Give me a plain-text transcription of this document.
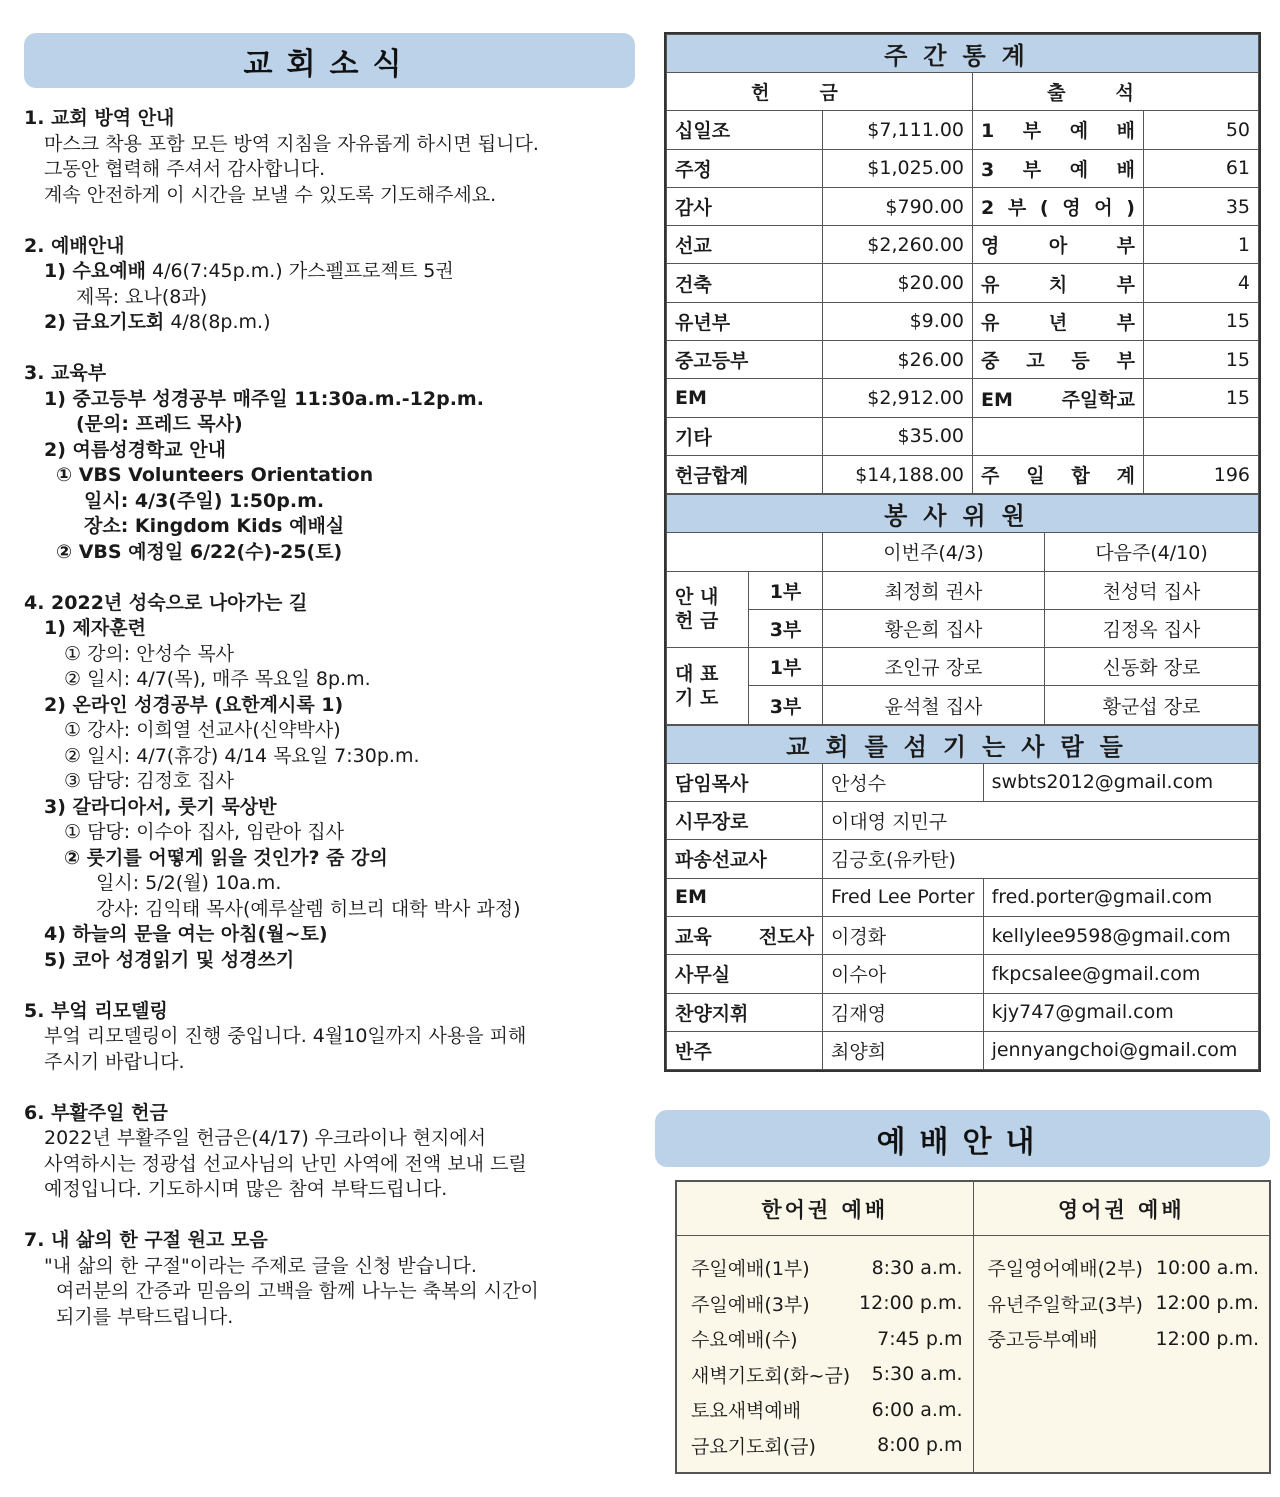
교회소식
1. 교회 방역 안내
마스크 착용 포함 모든 방역 지침을 자유롭게 하시면 됩니다.
그동안 협력해 주셔서 감사합니다.
계속 안전하게 이 시간을 보낼 수 있도록 기도해주세요.
2. 예배안내
1) 수요예배 4/6(7:45p.m.) 가스펠프로젝트 5권
제목: 요나(8과)
2) 금요기도회 4/8(8p.m.)
3. 교육부
1) 중고등부 성경공부 매주일 11:30a.m.-12p.m.
(문의: 프레드 목사)
2) 여름성경학교 안내
① VBS Volunteers Orientation
일시: 4/3(주일) 1:50p.m.
장소: Kingdom Kids 예배실
② VBS 예정일 6/22(수)-25(토)
4. 2022년 성숙으로 나아가는 길
1) 제자훈련
① 강의: 안성수 목사
② 일시: 4/7(목), 매주 목요일 8p.m.
2) 온라인 성경공부 (요한계시록 1)
① 강사: 이희열 선교사(신약박사)
② 일시: 4/7(휴강) 4/14 목요일 7:30p.m.
③ 담당: 김정호 집사
3) 갈라디아서, 룻기 묵상반
① 담당: 이수아 집사, 임란아 집사
② 룻기를 어떻게 읽을 것인가? 줌 강의
일시: 5/2(월) 10a.m.
강사: 김익태 목사(예루살렘 히브리 대학 박사 과정)
4) 하늘의 문을 여는 아침(월~토)
5) 코아 성경읽기 및 성경쓰기
5. 부엌 리모델링
부엌 리모델링이 진행 중입니다. 4월10일까지 사용을 피해
주시기 바랍니다.
6. 부활주일 헌금
2022년 부활주일 헌금은(4/17) 우크라이나 현지에서
사역하시는 정광섭 선교사님의 난민 사역에 전액 보내 드릴
예정입니다. 기도하시며 많은 참여 부탁드립니다.
7. 내 삶의 한 구절 원고 모음
"내 삶의 한 구절"이라는 주제로 글을 신청 받습니다.
여러분의 간증과 믿음의 고백을 함께 나누는 축복의 시간이
되기를 부탁드립니다.
주간통계			
헌금		출석	
십일조	$7,111.00	1 부 예 배	50
주정	$1,025.00	3 부 예 배	61
감사	$790.00	2 부 ( 영 어 )	35
선교	$2,260.00	영 아 부	1
건축	$20.00	유 치 부	4
유년부	$9.00	유 년 부	15
중고등부	$26.00	중 고 등 부	15
EM	$2,912.00	EM 주일학교	15
기타	$35.00		
헌금합계	$14,188.00	주 일 합 계	196
봉사위원			
		이번주(4/3)	다음주(4/10)
안 내
헌 금	1부	최정희 권사	천성덕 집사
	3부	황은희 집사	김정옥 집사
대 표
기 도	1부	조인규 장로	신동화 장로
	3부	윤석철 집사	황군섭 장로
교회를섬기는사람들		
담임목사	안성수	swbts2012@gmail.com
시무장로	이대영 지민구	
파송선교사	김긍호(유카탄)	
EM	Fred Lee Porter	fred.porter@gmail.com
교육 전도사	이경화	kellylee9598@gmail.com
사무실	이수아	fkpcsalee@gmail.com
찬양지휘	김재영	kjy747@gmail.com
반주	최양희	jennyangchoi@gmail.com
예배안내
한어권 예배
주일예배(1부)	8:30 a.m.
주일예배(3부)	12:00 p.m.
수요예배(수)	7:45 p.m
새벽기도회(화~금) 5:30 a.m.
토요새벽예배	6:00 a.m.
금요기도회(금)	8:00 p.m
영어권 예배
주일영어예배(2부) 10:00 a.m.
유년주일학교(3부) 12:00 p.m.
중고등부예배	12:00 p.m.
